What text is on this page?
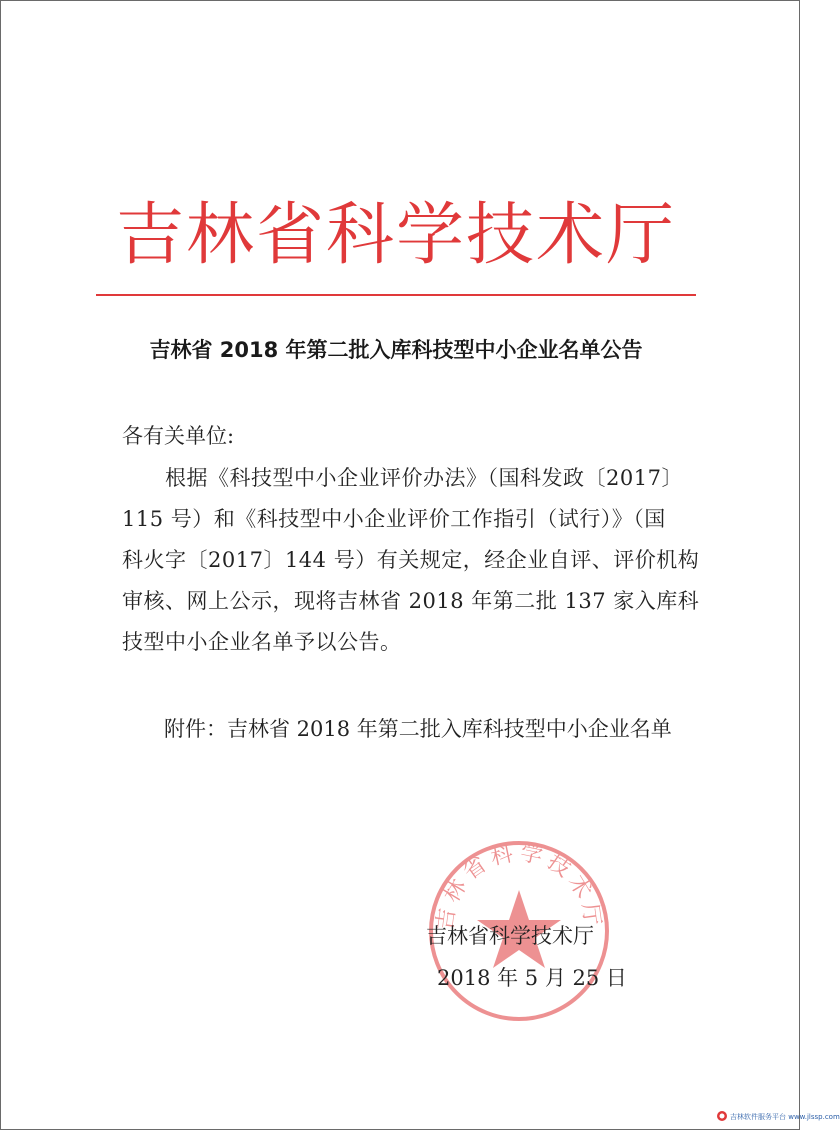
吉林省科学技术厅
吉林省 2018 年第二批入库科技型中小企业名单公告
各有关单位:
　　根据《科技型中小企业评价办法》（国科发政〔2017〕
115 号）和《科技型中小企业评价工作指引（试行）》（国
科火字〔2017〕144 号）有关规定，经企业自评、评价机构
审核、网上公示，现将吉林省 2018 年第二批 137 家入库科
技型中小企业名单予以公告。
附件：吉林省 2018 年第二批入库科技型中小企业名单
吉林省科学技术厅
吉林省科学技术厅
2018 年 5 月 25 日
吉林软件服务平台 www.jlssp.com
